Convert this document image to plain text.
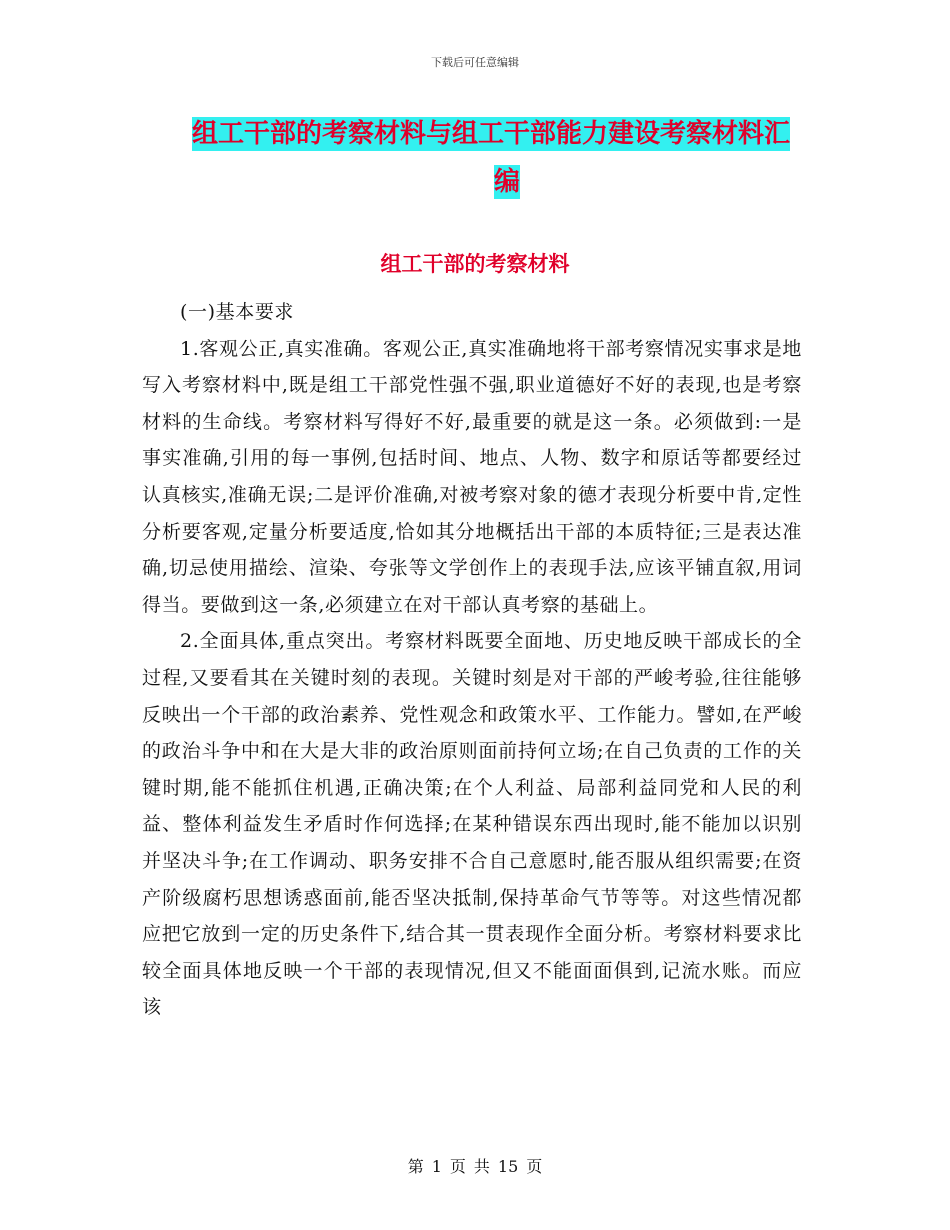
下载后可任意编辑
组工干部的考察材料与组工干部能力建设考察材料汇
编
组工干部的考察材料

(一)基本要求

1.客观公正,真实准确。客观公正,真实准确地将干部考察情况实事求是地写入考察材料中,既是组工干部党性强不强,职业道德好不好的表现,也是考察材料的生命线。考察材料写得好不好,最重要的就是这一条。必须做到:一是事实准确,引用的每一事例,包括时间、地点、人物、数字和原话等都要经过认真核实,准确无误;二是评价准确,对被考察对象的德才表现分析要中肯,定性分析要客观,定量分析要适度,恰如其分地概括出干部的本质特征;三是表达准确,切忌使用描绘、渲染、夸张等文学创作上的表现手法,应该平铺直叙,用词得当。要做到这一条,必须建立在对干部认真考察的基础上。

2.全面具体,重点突出。考察材料既要全面地、历史地反映干部成长的全过程,又要看其在关键时刻的表现。关键时刻是对干部的严峻考验,往往能够反映出一个干部的政治素养、党性观念和政策水平、工作能力。譬如,在严峻的政治斗争中和在大是大非的政治原则面前持何立场;在自己负责的工作的关键时期,能不能抓住机遇,正确决策;在个人利益、局部利益同党和人民的利益、整体利益发生矛盾时作何选择;在某种错误东西出现时,能不能加以识别并坚决斗争;在工作调动、职务安排不合自己意愿时,能否服从组织需要;在资产阶级腐朽思想诱惑面前,能否坚决抵制,保持革命气节等等。对这些情况都应把它放到一定的历史条件下,结合其一贯表现作全面分析。考察材料要求比较全面具体地反映一个干部的表现情况,但又不能面面俱到,记流水账。而应该

第 1 页 共 15 页
